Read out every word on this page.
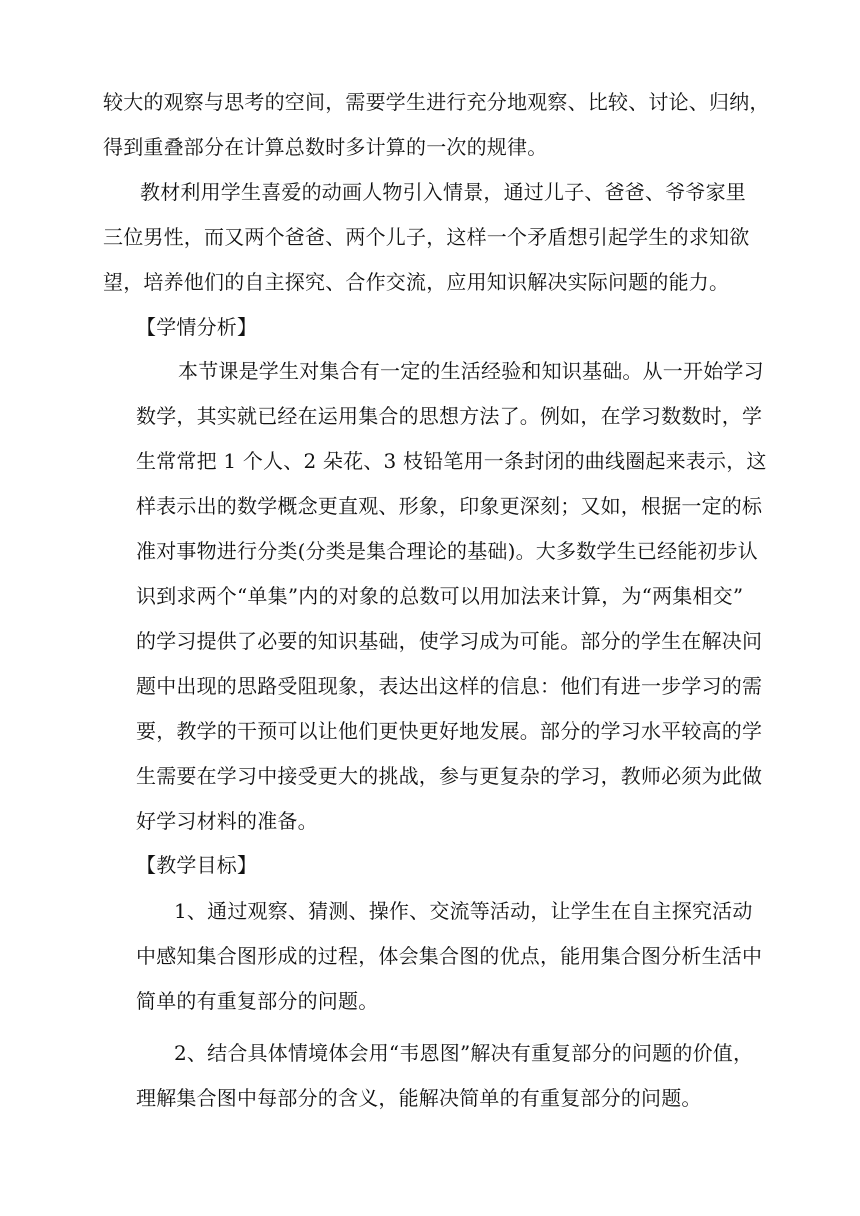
较大的观察与思考的空间，需要学生进行充分地观察、比较、讨论、归纳，
得到重叠部分在计算总数时多计算的一次的规律。
教材利用学生喜爱的动画人物引入情景，通过儿子、爸爸、爷爷家里
三位男性，而又两个爸爸、两个儿子，这样一个矛盾想引起学生的求知欲
望，培养他们的自主探究、合作交流，应用知识解决实际问题的能力。
【学情分析】
本节课是学生对集合有一定的生活经验和知识基础。从一开始学习
数学，其实就已经在运用集合的思想方法了。例如，在学习数数时，学
生常常把 1 个人、2 朵花、3 枝铅笔用一条封闭的曲线圈起来表示，这
样表示出的数学概念更直观、形象，印象更深刻；又如，根据一定的标
准对事物进行分类(分类是集合理论的基础)。大多数学生已经能初步认
识到求两个“单集”内的对象的总数可以用加法来计算，为“两集相交”
的学习提供了必要的知识基础，使学习成为可能。部分的学生在解决问
题中出现的思路受阻现象，表达出这样的信息：他们有进一步学习的需
要，教学的干预可以让他们更快更好地发展。部分的学习水平较高的学
生需要在学习中接受更大的挑战，参与更复杂的学习，教师必须为此做
好学习材料的准备。
【教学目标】
1、通过观察、猜测、操作、交流等活动，让学生在自主探究活动
中感知集合图形成的过程，体会集合图的优点，能用集合图分析生活中
简单的有重复部分的问题。
2、结合具体情境体会用“韦恩图”解决有重复部分的问题的价值，
理解集合图中每部分的含义，能解决简单的有重复部分的问题。
